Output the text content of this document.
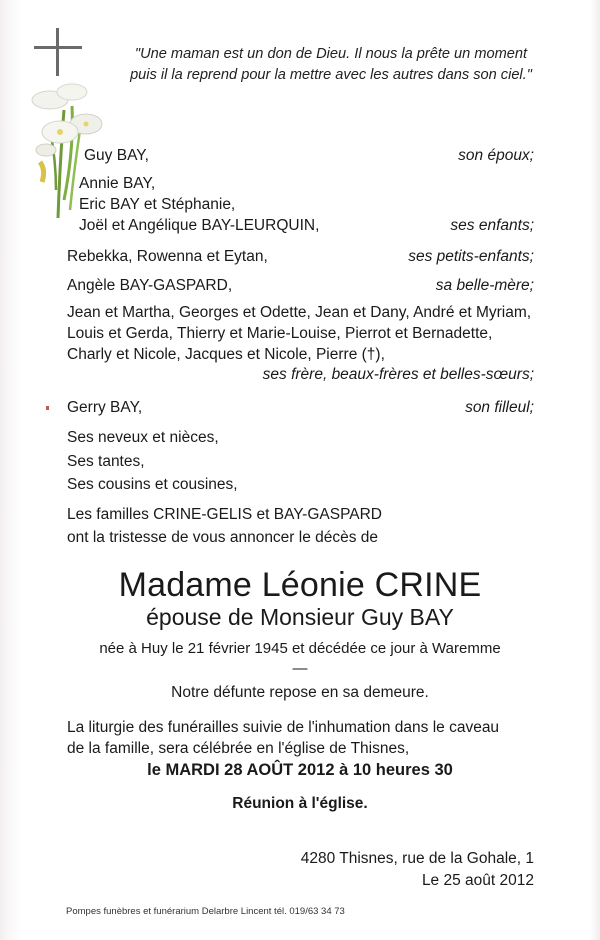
"Une maman est un don de Dieu. Il nous la prête un moment
puis il la reprend pour la mettre avec les autres dans son ciel."
Guy BAY,	son époux;
Annie BAY,
Eric BAY et Stéphanie,
Joël et Angélique BAY-LEURQUIN,	ses enfants;
Rebekka, Rowenna et Eytan,	ses petits-enfants;
Angèle BAY-GASPARD,	sa belle-mère;
Jean et Martha, Georges et Odette, Jean et Dany, André et Myriam,
Louis et Gerda, Thierry et Marie-Louise, Pierrot et Bernadette,
Charly et Nicole, Jacques et Nicole, Pierre (†),
ses frère, beaux-frères et belles-sœurs;
Gerry BAY,	son filleul;
Ses neveux et nièces,
Ses tantes,
Ses cousins et cousines,
Les familles CRINE-GELIS et BAY-GASPARD
ont la tristesse de vous annoncer le décès de
Madame Léonie CRINE
épouse de Monsieur Guy BAY
née à Huy le 21 février 1945 et décédée ce jour à Waremme
—
Notre défunte repose en sa demeure.
La liturgie des funérailles suivie de l'inhumation dans le caveau
de la famille, sera célébrée en l'église de Thisnes,
le MARDI 28 AOÛT 2012 à 10 heures 30
Réunion à l'église.
4280 Thisnes, rue de la Gohale, 1
Le 25 août 2012
Pompes funèbres et funérarium Delarbre Lincent tél. 019/63 34 73
